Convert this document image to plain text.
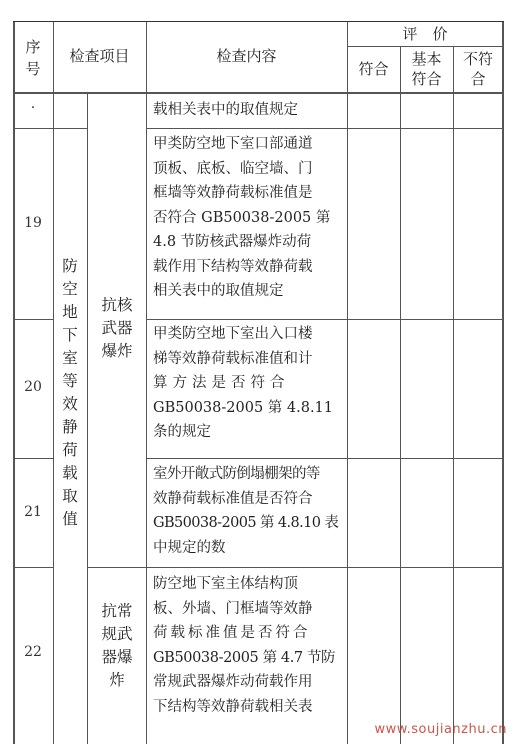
序号
检查项目	检查内容
评　价
符合
基本符合
不符合
防
空
地
下
室
等
效
静
荷
载
取
值
抗核武器爆炸
抗常规武器爆炸
·
19
20
21
22
载相关表中的取值规定
甲类防空地下室口部通道
顶板、底板、临空墙、门
框墙等效静荷载标准值是
否符合 GB50038-2005 第
4.8 节防核武器爆炸动荷
载作用下结构等效静荷载
相关表中的取值规定
甲类防空地下室出入口楼
梯等效静荷载标准值和计
算方法是否符合
GB50038-2005 第 4.8.11
条的规定
室外开敞式防倒塌棚架的等
效静荷载标准值是否符合
GB50038-2005 第 4.8.10 表
中规定的数
防空地下室主体结构顶
板、外墙、门框墙等效静
荷载标准值是否符合
GB50038-2005 第 4.7 节防
常规武器爆炸动荷载作用
下结构等效静荷载相关表
www.soujianzhu.cn
